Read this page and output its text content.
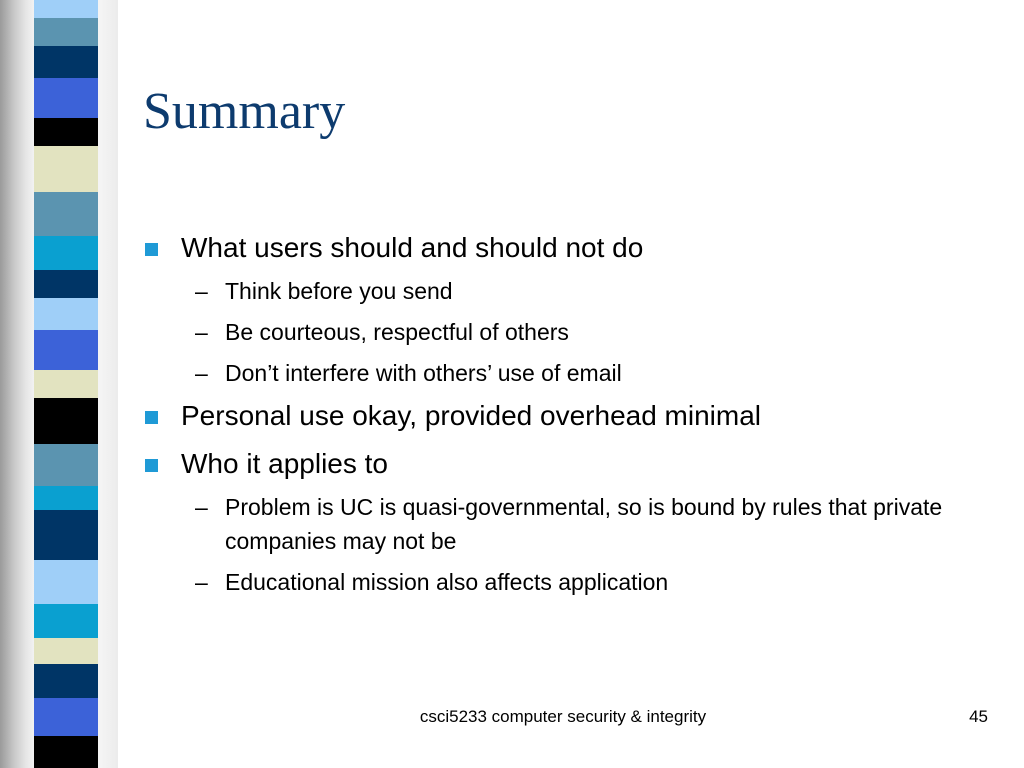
Summary
What users should and should not do
– Think before you send
– Be courteous, respectful of others
– Don’t interfere with others’ use of email
Personal use okay, provided overhead minimal
Who it applies to
– Problem is UC is quasi-governmental, so is bound by rules that private companies may not be
– Educational mission also affects application
csci5233 computer security & integrity	45
